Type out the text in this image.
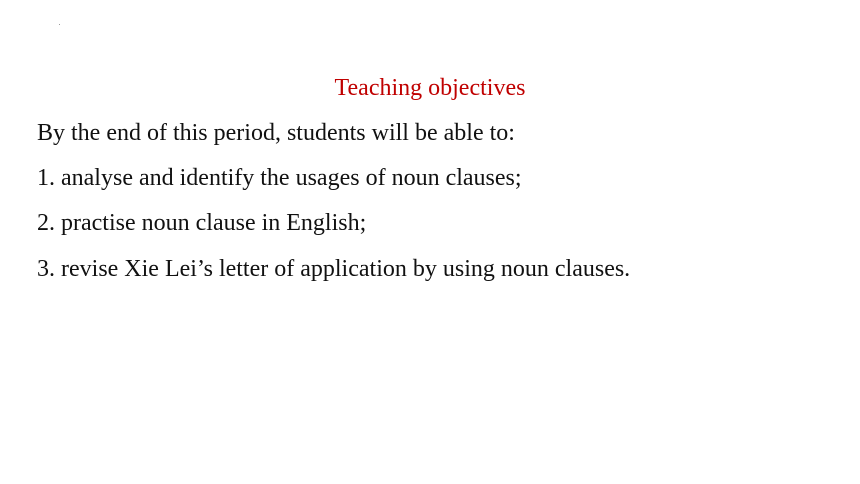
Teaching objectives
By the end of this period, students will be able to:
1. analyse and identify the usages of noun clauses;
2. practise noun clause in English;
3. revise Xie Lei’s letter of application by using noun clauses.
